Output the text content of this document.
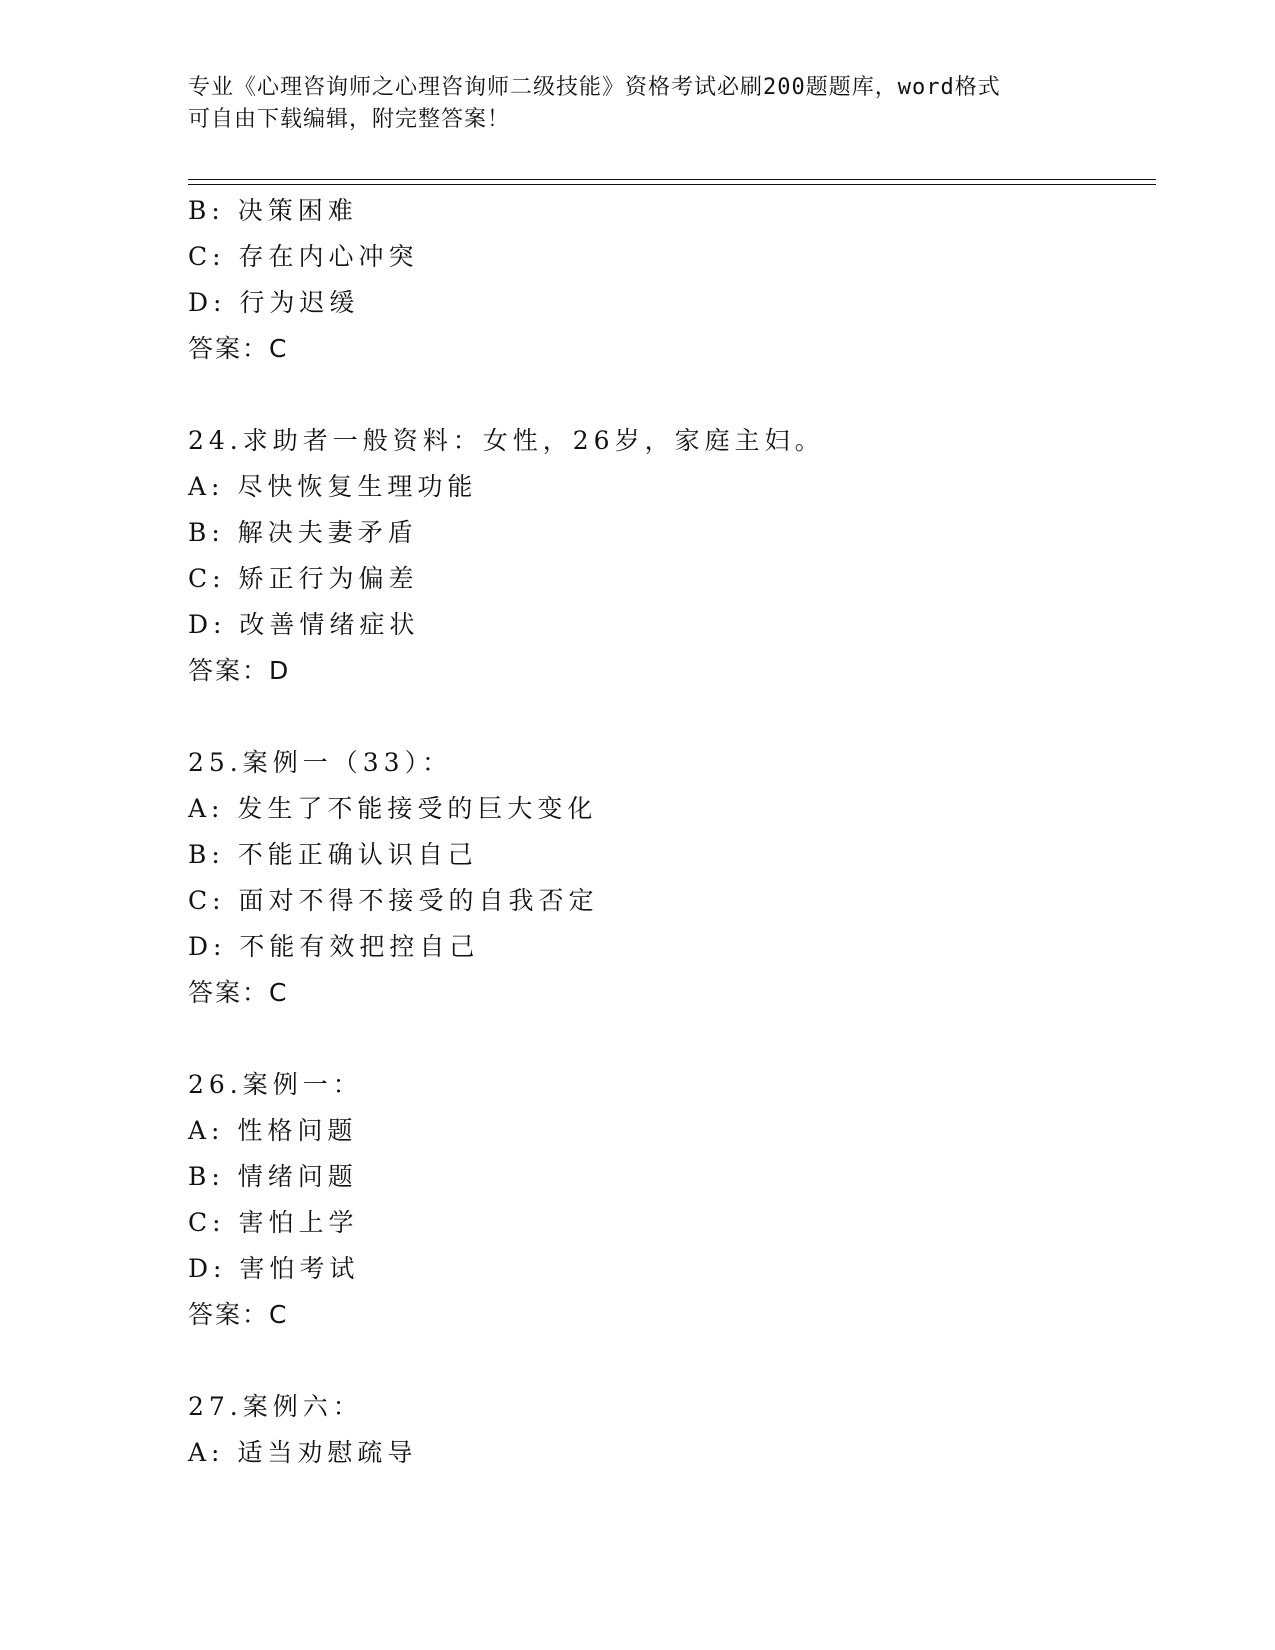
专业《心理咨询师之心理咨询师二级技能》资格考试必刷200题题库，word格式
可自由下载编辑，附完整答案！
B: 决策困难
C: 存在内心冲突
D: 行为迟缓
答案：C
24.求助者一般资料：女性，26岁，家庭主妇。
A: 尽快恢复生理功能
B: 解决夫妻矛盾
C: 矫正行为偏差
D: 改善情绪症状
答案：D
25.案例一（33）：
A: 发生了不能接受的巨大变化
B: 不能正确认识自己
C: 面对不得不接受的自我否定
D: 不能有效把控自己
答案：C
26.案例一：
A: 性格问题
B: 情绪问题
C: 害怕上学
D: 害怕考试
答案：C
27.案例六：
A: 适当劝慰疏导
